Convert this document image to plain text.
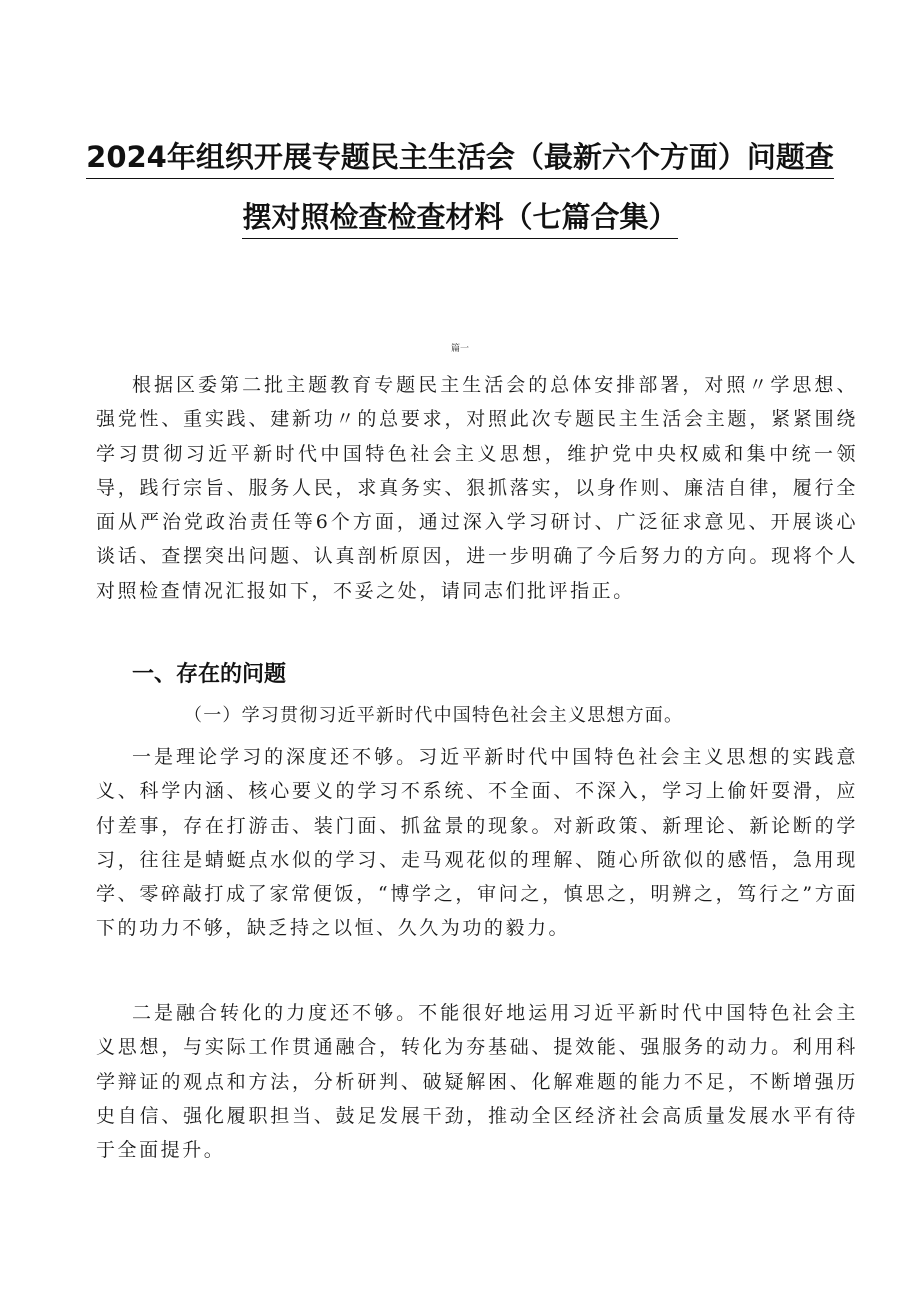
2024年组织开展专题民主生活会（最新六个方面）问题查
摆对照检查检查材料（七篇合集）
篇一

根据区委第二批主题教育专题民主生活会的总体安排部署，对照〃学思想、强党性、重实践、建新功〃的总要求，对照此次专题民主生活会主题，紧紧围绕学习贯彻习近平新时代中国特色社会主义思想，维护党中央权威和集中统一领导，践行宗旨、服务人民，求真务实、狠抓落实，以身作则、廉洁自律，履行全面从严治党政治责任等6个方面，通过深入学习研讨、广泛征求意见、开展谈心谈话、查摆突出问题、认真剖析原因，进一步明确了今后努力的方向。现将个人对照检查情况汇报如下，不妥之处，请同志们批评指正。

一、存在的问题

（一）学习贯彻习近平新时代中国特色社会主义思想方面。

一是理论学习的深度还不够。习近平新时代中国特色社会主义思想的实践意义、科学内涵、核心要义的学习不系统、不全面、不深入，学习上偷奸耍滑，应付差事，存在打游击、装门面、抓盆景的现象。对新政策、新理论、新论断的学习，往往是蜻蜓点水似的学习、走马观花似的理解、随心所欲似的感悟，急用现学、零碎敲打成了家常便饭，“博学之，审问之，慎思之，明辨之，笃行之”方面下的功力不够，缺乏持之以恒、久久为功的毅力。

二是融合转化的力度还不够。不能很好地运用习近平新时代中国特色社会主义思想，与实际工作贯通融合，转化为夯基础、提效能、强服务的动力。利用科学辩证的观点和方法，分析研判、破疑解困、化解难题的能力不足，不断增强历史自信、强化履职担当、鼓足发展干劲，推动全区经济社会高质量发展水平有待于全面提升。
